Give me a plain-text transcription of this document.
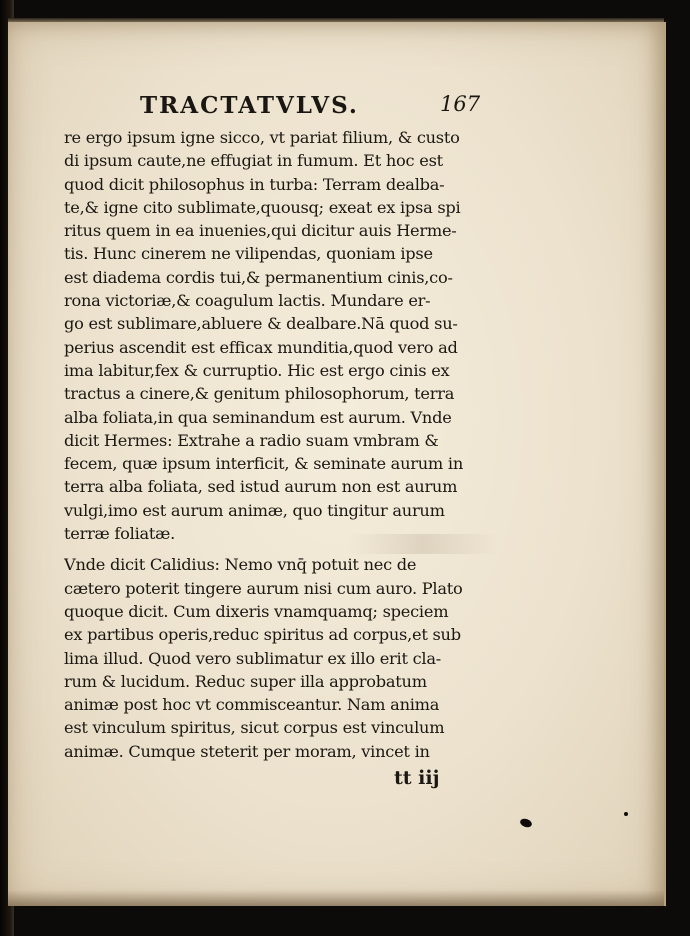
TRACTATVLVS.	167
re ergo ipsum igne sicco, vt pariat filium, & custo
di ipsum caute,ne effugiat in fumum. Et hoc est
quod dicit philosophus in turba: Terram dealba-
te,& igne cito sublimate,quousq; exeat ex ipsa spi
ritus quem in ea inuenies,qui dicitur auis Herme-
tis. Hunc cinerem ne vilipendas, quoniam ipse
est diadema cordis tui,& permanentium cinis,co-
rona victoriæ,& coagulum lactis. Mundare er-
go est sublimare,abluere & dealbare.Nā quod su-
perius ascendit est efficax munditia,quod vero ad
ima labitur,fex & curruptio. Hic est ergo cinis ex
tractus a cinere,& genitum philosophorum, terra
alba foliata,in qua seminandum est aurum. Vnde
dicit Hermes: Extrahe a radio suam vmbram &
fecem, quæ ipsum interficit, & seminate aurum in
terra alba foliata, sed istud aurum non est aurum
vulgi,imo est aurum animæ, quo tingitur aurum
terræ foliatæ.
Vnde dicit Calidius: Nemo vnq̄ potuit nec de
cætero poterit tingere aurum nisi cum auro. Plato
quoque dicit. Cum dixeris vnamquamq; speciem
ex partibus operis,reduc spiritus ad corpus,et sub
lima illud. Quod vero sublimatur ex illo erit cla-
rum & lucidum. Reduc super illa approbatum
animæ post hoc vt commisceantur. Nam anima
est vinculum spiritus, sicut corpus est vinculum
animæ. Cumque steterit per moram, vincet in
tt iij
